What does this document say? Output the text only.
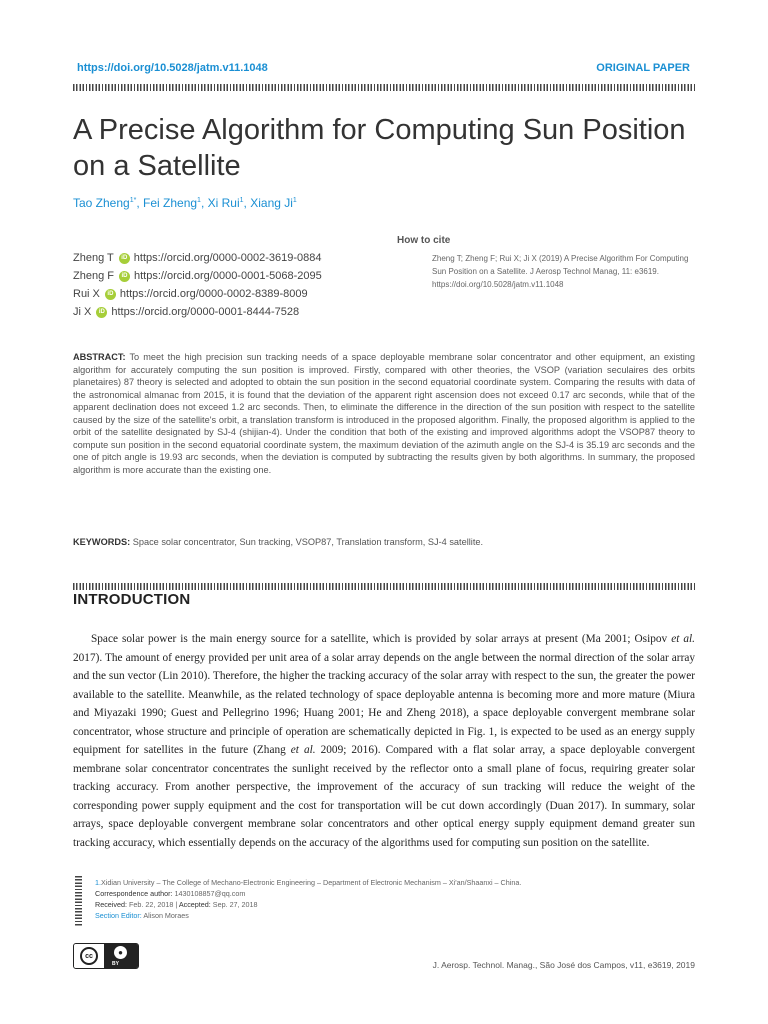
https://doi.org/10.5028/jatm.v11.1048	ORIGINAL PAPER
A Precise Algorithm for Computing Sun Position on a Satellite
Tao Zheng$^{1*}$, Fei Zheng$^1$, Xi Rui$^1$, Xiang Ji$^1$
Zheng T	iD https://orcid.org/0000-0002-3619-0884
Zheng F	iD https://orcid.org/0000-0001-5068-2095
Rui X	iD https://orcid.org/0000-0002-8389-8009
Ji X	iD https://orcid.org/0000-0001-8444-7528
How to cite
Zheng T; Zheng F; Rui X; Ji X (2019) A Precise Algorithm For Computing Sun Position on a Satellite. J Aerosp Technol Manag, 11: e3619. https://doi.org/10.5028/jatm.v11.1048
ABSTRACT: To meet the high precision sun tracking needs of a space deployable membrane solar concentrator and other equipment, an existing algorithm for accurately computing the sun position is improved. Firstly, compared with other theories, the VSOP (variation seculaires des orbits planetaires) 87 theory is selected and adopted to obtain the sun position in the second equatorial coordinate system. Comparing the results with data of the astronomical almanac from 2015, it is found that the deviation of the apparent right ascension does not exceed 0.17 arc seconds, while that of the apparent declination does not exceed 1.2 arc seconds. Then, to eliminate the difference in the direction of the sun position with respect to the satellite caused by the size of the satellite's orbit, a translation transform is introduced in the proposed algorithm. Finally, the proposed algorithm is applied to the orbit of the satellite designated by SJ-4 (shijian-4). Under the condition that both of the existing and improved algorithms adopt the VSOP87 theory to compute sun position in the second equatorial coordinate system, the maximum deviation of the azimuth angle on the SJ-4 is 35.19 arc seconds and the one of pitch angle is 19.93 arc seconds, when the deviation is computed by subtracting the results given by both algorithms. In summary, the proposed algorithm is more accurate than the existing one.
KEYWORDS: Space solar concentrator, Sun tracking, VSOP87, Translation transform, SJ-4 satellite.
INTRODUCTION

Space solar power is the main energy source for a satellite, which is provided by solar arrays at present (Ma 2001; Osipov et al. 2017). The amount of energy provided per unit area of a solar array depends on the angle between the normal direction of the solar array and the sun vector (Lin 2010). Therefore, the higher the tracking accuracy of the solar array with respect to the sun, the greater the power available to the satellite. Meanwhile, as the related technology of space deployable antenna is becoming more and more mature (Miura and Miyazaki 1990; Guest and Pellegrino 1996; Huang 2001; He and Zheng 2018), a space deployable convergent membrane solar concentrator, whose structure and principle of operation are schematically depicted in Fig. 1, is expected to be used as an energy supply equipment for satellites in the future (Zhang et al. 2009; 2016). Compared with a flat solar array, a space deployable convergent membrane solar concentrator concentrates the sunlight received by the reflector onto a small plane of focus, requiring greater solar tracking accuracy. From another perspective, the improvement of the accuracy of sun tracking will reduce the weight of the corresponding power supply equipment and the cost for transportation will be cut down accordingly (Duan 2017). In summary, solar arrays, space deployable convergent membrane solar concentrators and other optical energy supply equipment demand greater sun tracking accuracy, which essentially depends on the accuracy of the algorithms used for computing sun position on the satellite.

1.Xidian University – The College of Mechano-Electronic Engineering – Department of Electronic Mechanism – Xi'an/Shaanxi – China.
Correspondence author: 1430108857@qq.com
Received: Feb. 22, 2018 | Accepted: Sep. 27, 2018
Section Editor: Alison Moraes
cc	●
BY	J. Aerosp. Technol. Manag., São José dos Campos, v11, e3619, 2019
